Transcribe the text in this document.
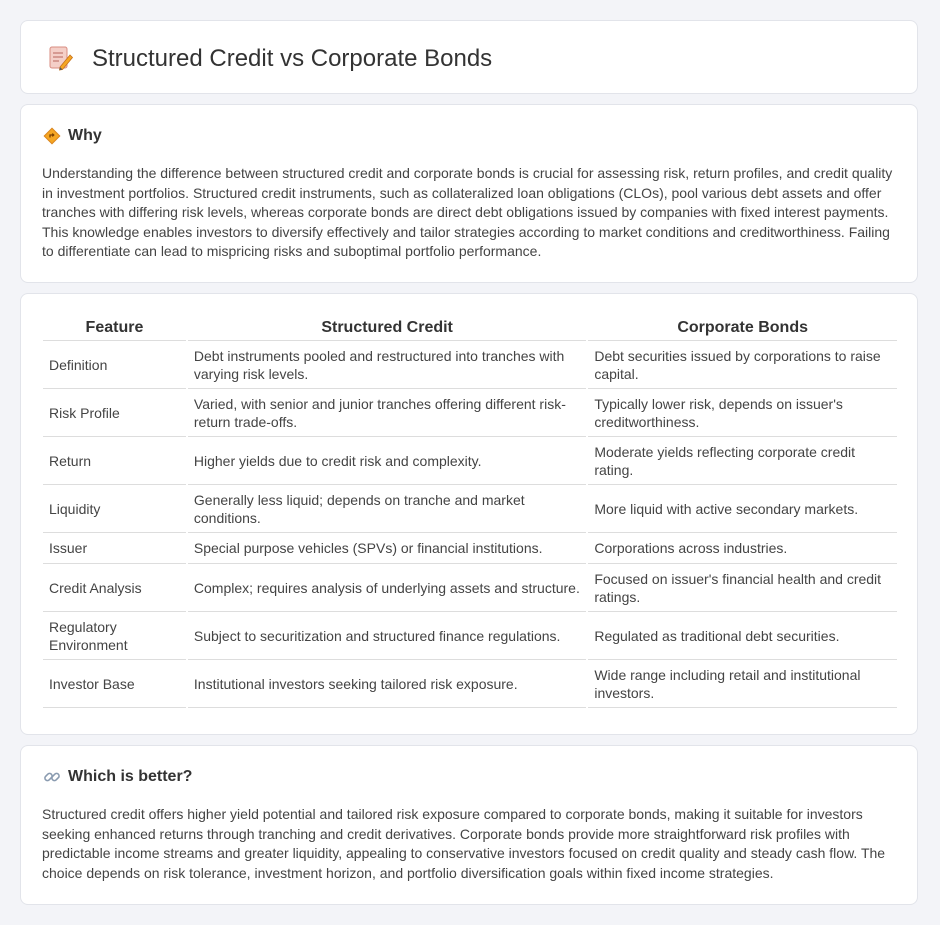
Structured Credit vs Corporate Bonds
Why

Understanding the difference between structured credit and corporate bonds is crucial for assessing risk, return profiles, and credit quality in investment portfolios. Structured credit instruments, such as collateralized loan obligations (CLOs), pool various debt assets and offer tranches with differing risk levels, whereas corporate bonds are direct debt obligations issued by companies with fixed interest payments. This knowledge enables investors to diversify effectively and tailor strategies according to market conditions and creditworthiness. Failing to differentiate can lead to mispricing risks and suboptimal portfolio performance.

Feature	Structured Credit	Corporate Bonds
Definition	Debt instruments pooled and restructured into tranches with varying risk levels.	Debt securities issued by corporations to raise capital.
Risk Profile	Varied, with senior and junior tranches offering different risk-return trade-offs.	Typically lower risk, depends on issuer's creditworthiness.
Return	Higher yields due to credit risk and complexity.	Moderate yields reflecting corporate credit rating.
Liquidity	Generally less liquid; depends on tranche and market conditions.	More liquid with active secondary markets.
Issuer	Special purpose vehicles (SPVs) or financial institutions.	Corporations across industries.
Credit Analysis	Complex; requires analysis of underlying assets and structure.	Focused on issuer's financial health and credit ratings.
Regulatory Environment	Subject to securitization and structured finance regulations.	Regulated as traditional debt securities.
Investor Base	Institutional investors seeking tailored risk exposure.	Wide range including retail and institutional investors.
Which is better?

Structured credit offers higher yield potential and tailored risk exposure compared to corporate bonds, making it suitable for investors seeking enhanced returns through tranching and credit derivatives. Corporate bonds provide more straightforward risk profiles with predictable income streams and greater liquidity, appealing to conservative investors focused on credit quality and steady cash flow. The choice depends on risk tolerance, investment horizon, and portfolio diversification goals within fixed income strategies.
